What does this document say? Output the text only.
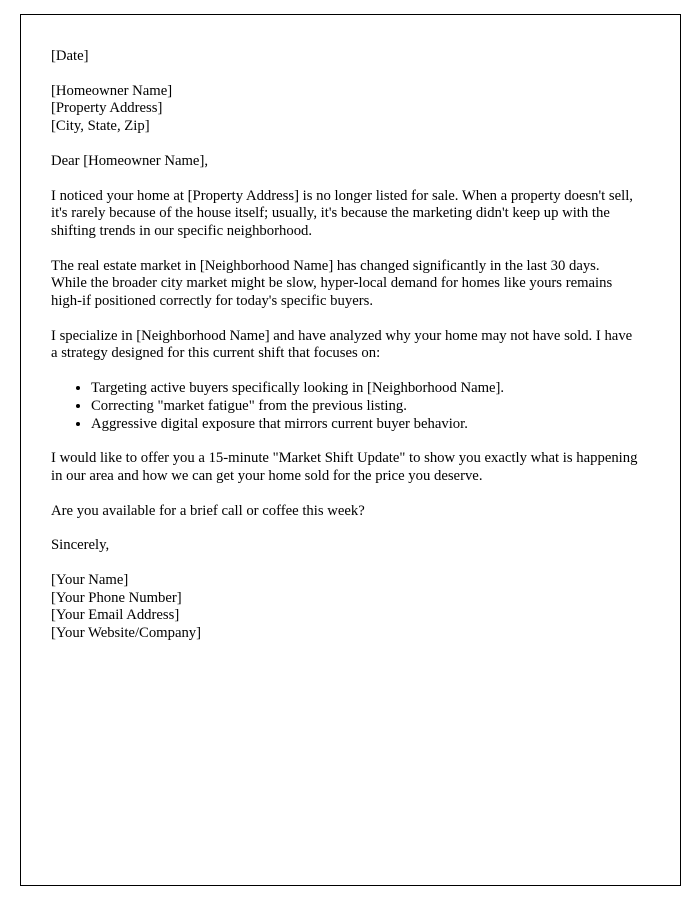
[Date]

[Homeowner Name]

[Property Address]

[City, State, Zip]

Dear [Homeowner Name],

I noticed your home at [Property Address] is no longer listed for sale. When a property doesn't sell, it's rarely because of the house itself; usually, it's because the marketing didn't keep up with the shifting trends in our specific neighborhood.

The real estate market in [Neighborhood Name] has changed significantly in the last 30 days. While the broader city market might be slow, hyper-local demand for homes like yours remains high-if positioned correctly for today's specific buyers.

I specialize in [Neighborhood Name] and have analyzed why your home may not have sold. I have a strategy designed for this current shift that focuses on:

• Targeting active buyers specifically looking in [Neighborhood Name].
• Correcting "market fatigue" from the previous listing.
• Aggressive digital exposure that mirrors current buyer behavior.

I would like to offer you a 15-minute "Market Shift Update" to show you exactly what is happening in our area and how we can get your home sold for the price you deserve.

Are you available for a brief call or coffee this week?

Sincerely,

[Your Name]

[Your Phone Number]

[Your Email Address]

[Your Website/Company]
